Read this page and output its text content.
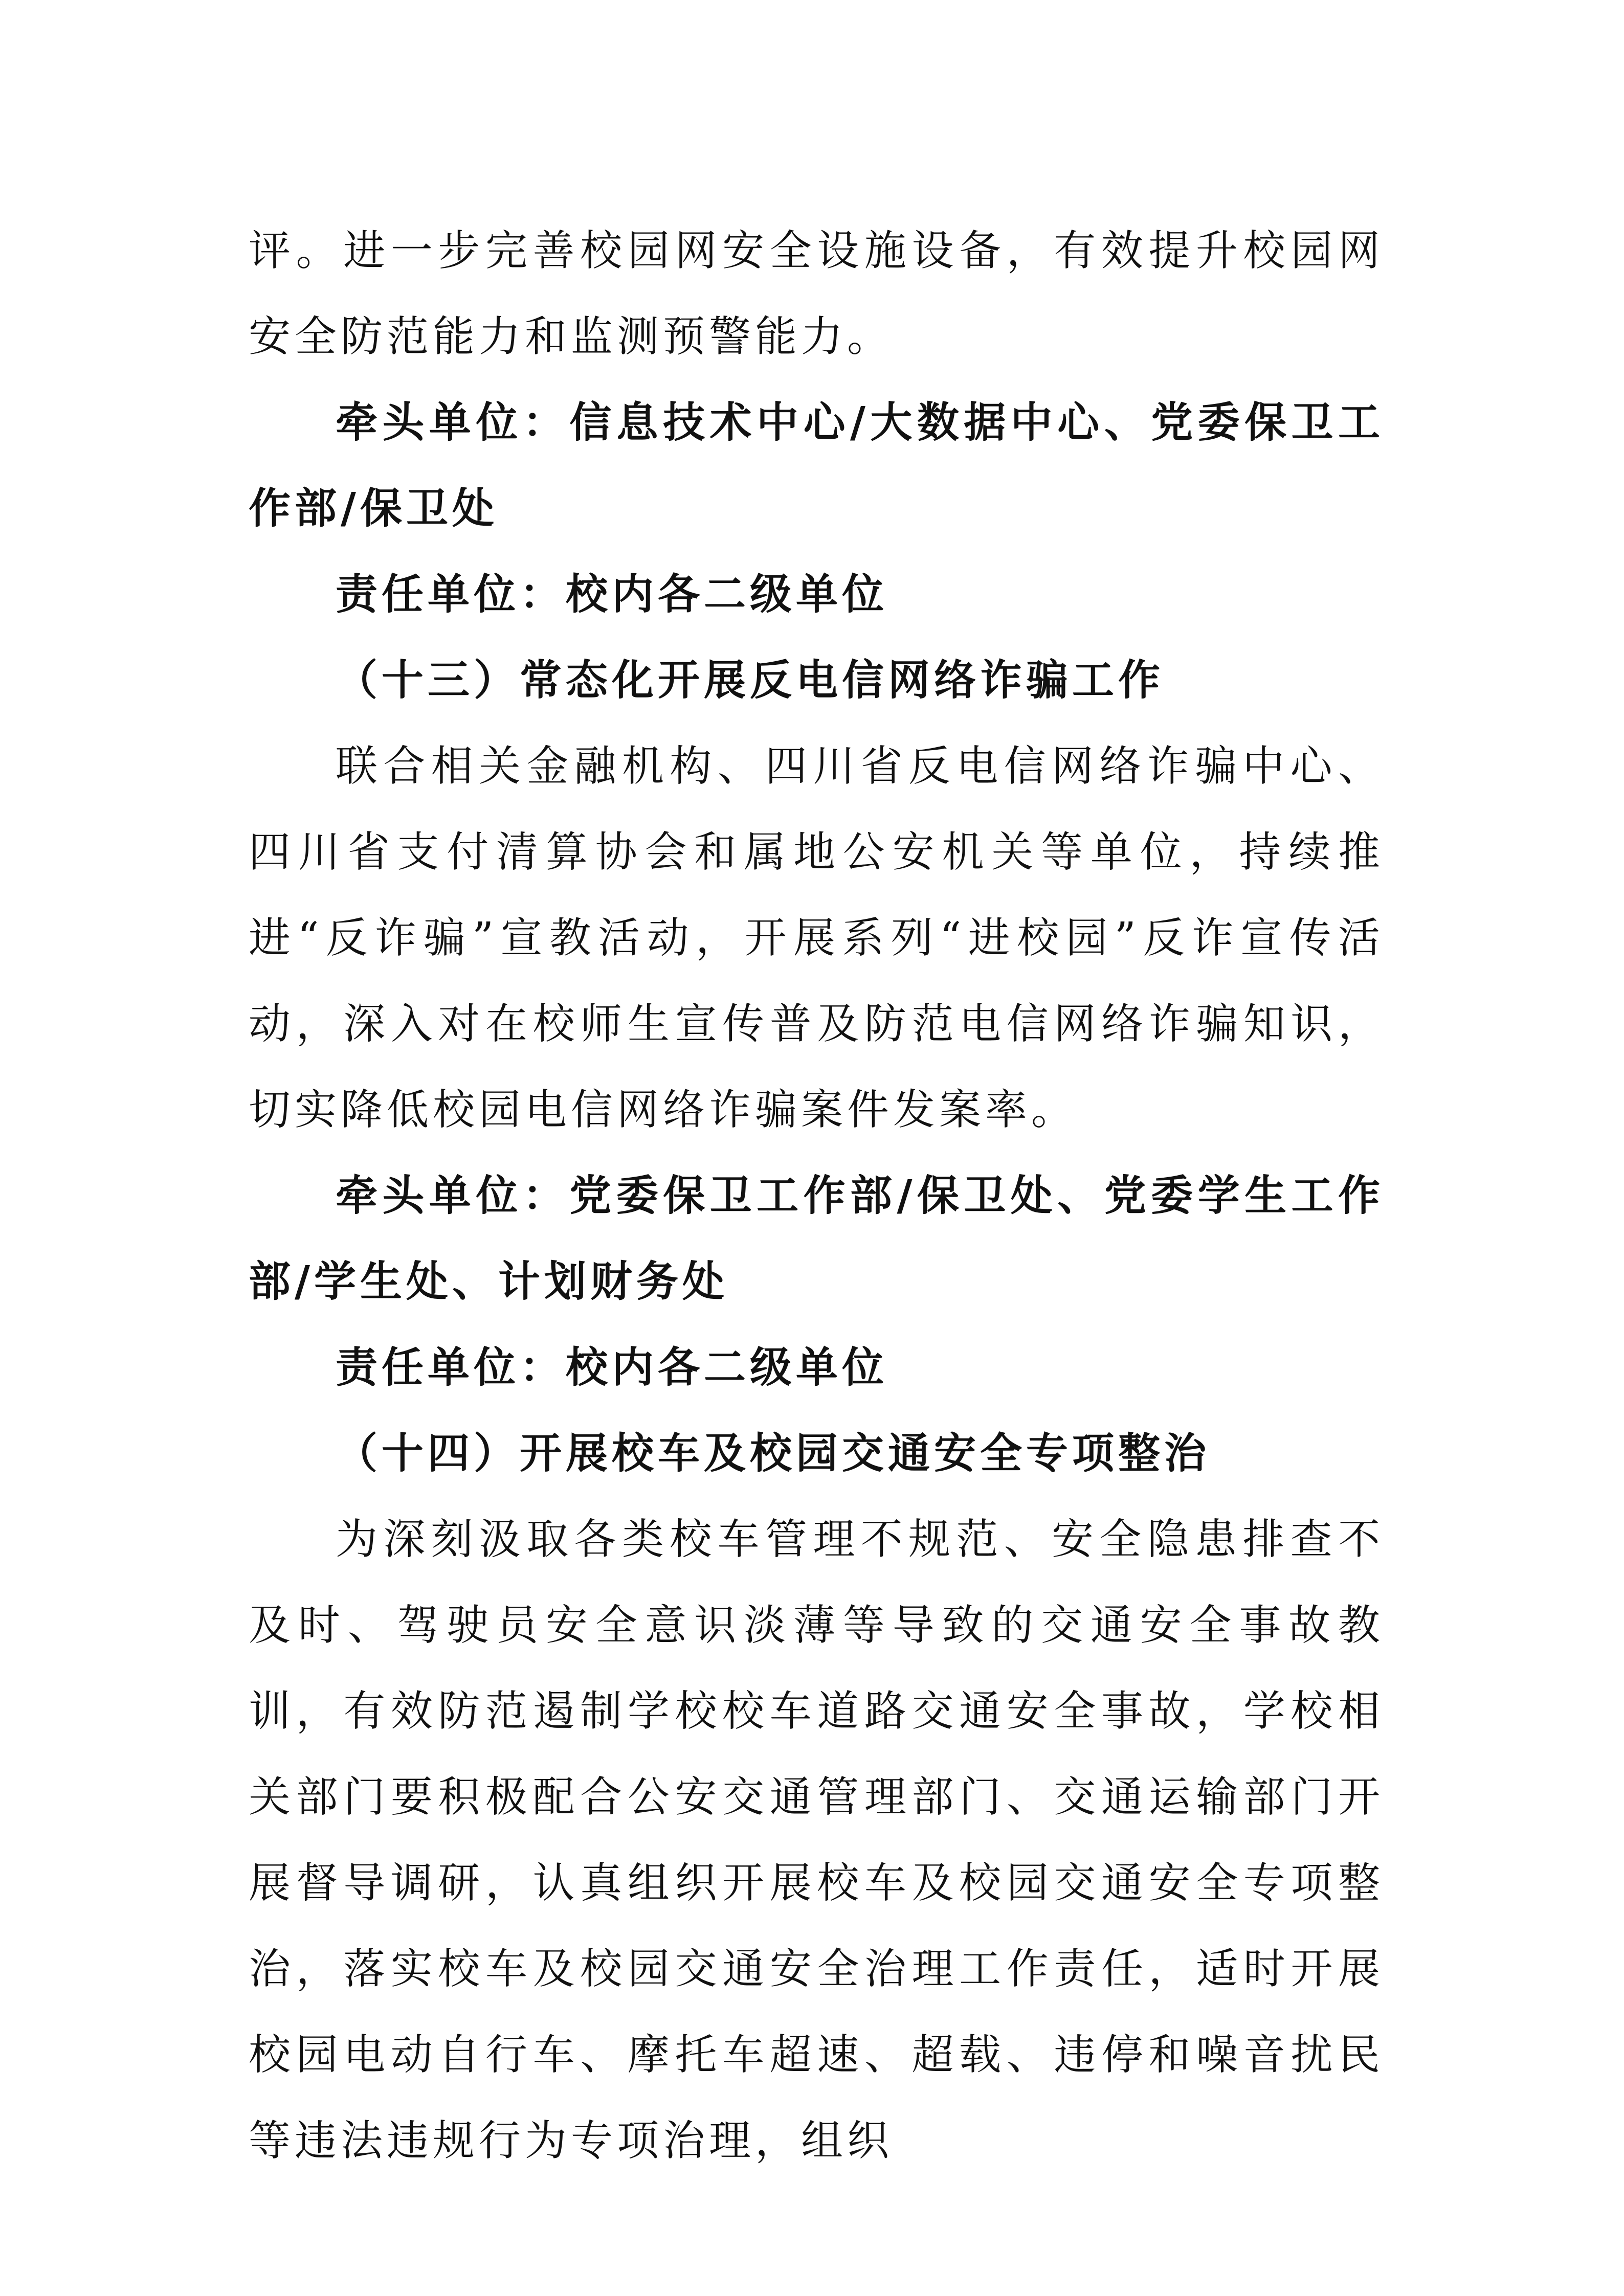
评。进一步完善校园网安全设施设备，有效提升校园网安全防范能力和监测预警能力。

牵头单位：信息技术中心/大数据中心、党委保卫工作部/保卫处

责任单位：校内各二级单位

（十三）常态化开展反电信网络诈骗工作

联合相关金融机构、四川省反电信网络诈骗中心、四川省支付清算协会和属地公安机关等单位，持续推进“反诈骗”宣教活动，开展系列“进校园”反诈宣传活动，深入对在校师生宣传普及防范电信网络诈骗知识，切实降低校园电信网络诈骗案件发案率。

牵头单位：党委保卫工作部/保卫处、党委学生工作部/学生处、计划财务处

责任单位：校内各二级单位

（十四）开展校车及校园交通安全专项整治

为深刻汲取各类校车管理不规范、安全隐患排查不及时、驾驶员安全意识淡薄等导致的交通安全事故教训，有效防范遏制学校校车道路交通安全事故，学校相关部门要积极配合公安交通管理部门、交通运输部门开展督导调研，认真组织开展校车及校园交通安全专项整治，落实校车及校园交通安全治理工作责任，适时开展校园电动自行车、摩托车超速、超载、违停和噪音扰民等违法违规行为专项治理，组织
